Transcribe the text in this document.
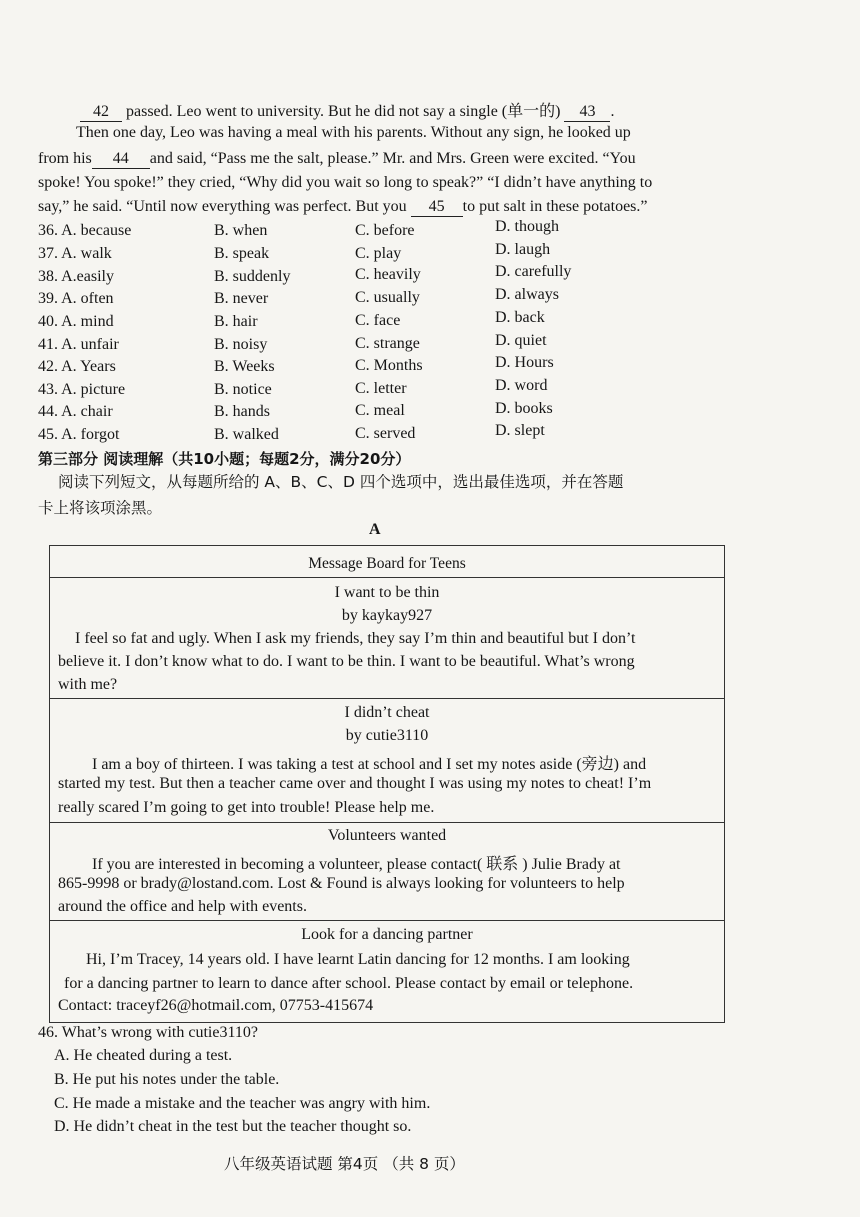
42 passed. Leo went to university. But he did not say a single (单一的) 43 .
Then one day, Leo was having a meal with his parents. Without any sign, he looked up
from his 44 and said, “Pass me the salt, please.” Mr. and Mrs. Green were excited. “You
spoke! You spoke!” they cried, “Why did you wait so long to speak?” “I didn’t have anything to
say,” he said. “Until now everything was perfect. But you 45 to put salt in these potatoes.”
36. A. because	B. when	C. before	D. though
37. A. walk	B. speak	C. play	D. laugh
38. A.easily	B. suddenly	C. heavily	D. carefully
39. A. often	B. never	C. usually	D. always
40. A. mind	B. hair	C. face	D. back
41. A. unfair	B. noisy	C. strange	D. quiet
42. A. Years	B. Weeks	C. Months	D. Hours
43. A. picture	B. notice	C. letter	D. word
44. A. chair	B. hands	C. meal	D. books
45. A. forgot	B. walked	C. served	D. slept
第三部分 阅读理解（共10小题；每题2分，满分20分）
阅读下列短文，从每题所给的 A、B、C、D 四个选项中，选出最佳选项，并在答题
卡上将该项涂黑。
A
Message Board for Teens
I want to be thin
by kaykay927
I feel so fat and ugly. When I ask my friends, they say I’m thin and beautiful but I don’t
believe it. I don’t know what to do. I want to be thin. I want to be beautiful. What’s wrong
with me?
I didn’t cheat
by cutie3110
I am a boy of thirteen. I was taking a test at school and I set my notes aside (旁边) and
started my test. But then a teacher came over and thought I was using my notes to cheat! I’m
really scared I’m going to get into trouble! Please help me.
Volunteers wanted
If you are interested in becoming a volunteer, please contact( 联系 ) Julie Brady at
865-9998 or brady@lostand.com. Lost & Found is always looking for volunteers to help
around the office and help with events.
Look for a dancing partner
Hi, I’m Tracey, 14 years old. I have learnt Latin dancing for 12 months. I am looking
for a dancing partner to learn to dance after school. Please contact by email or telephone.
Contact: traceyf26@hotmail.com, 07753-415674
46. What’s wrong with cutie3110?
A. He cheated during a test.
B. He put his notes under the table.
C. He made a mistake and the teacher was angry with him.
D. He didn’t cheat in the test but the teacher thought so.
八年级英语试题 第4页 （共 8 页）
